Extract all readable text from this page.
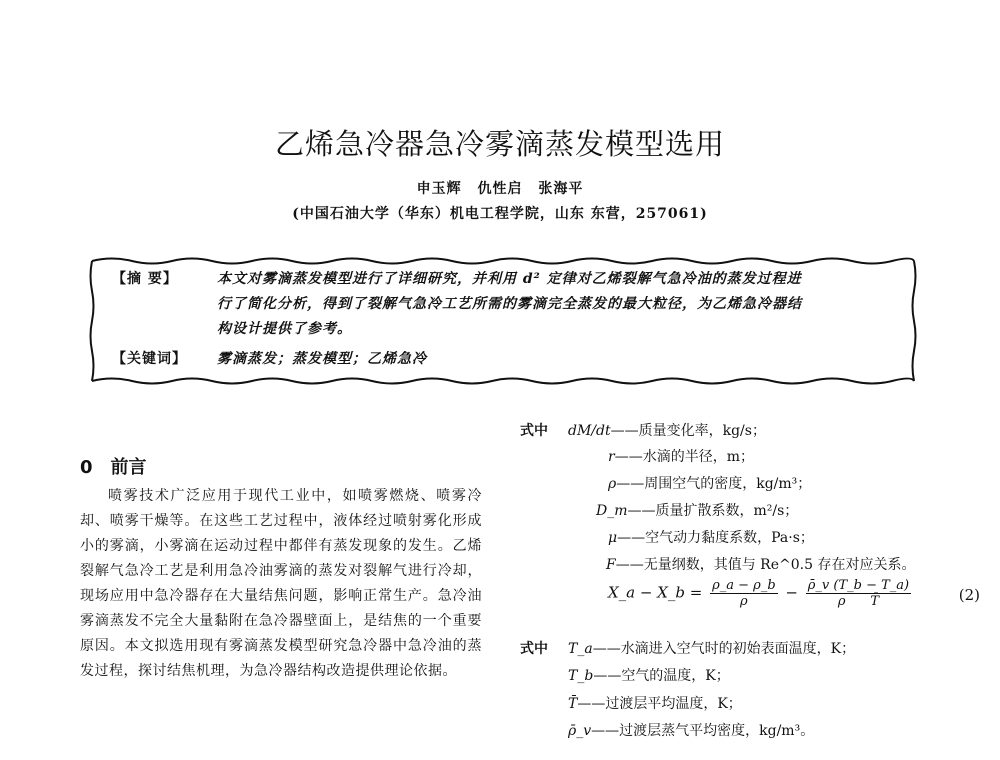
乙烯急冷器急冷雾滴蒸发模型选用
申玉辉 仇性启 张海平
(中国石油大学（华东）机电工程学院，山东 东营，257061)
【摘 要】	本文对雾滴蒸发模型进行了详细研究，并利用 d² 定律对乙烯裂解气急冷油的蒸发过程进
行了简化分析，得到了裂解气急冷工艺所需的雾滴完全蒸发的最大粒径，为乙烯急冷器结
构设计提供了参考。
【关键词】	雾滴蒸发；蒸发模型；乙烯急冷
0 前言

喷雾技术广泛应用于现代工业中，如喷雾燃烧、喷雾冷却、喷雾干燥等。在这些工艺过程中，液体经过喷射雾化形成小的雾滴，小雾滴在运动过程中都伴有蒸发现象的发生。乙烯裂解气急冷工艺是利用急冷油雾滴的蒸发对裂解气进行冷却，现场应用中急冷器存在大量结焦问题，影响正常生产。急冷油雾滴蒸发不完全大量黏附在急冷器壁面上，是结焦的一个重要原因。本文拟选用现有雾滴蒸发模型研究急冷器中急冷油的蒸发过程，探讨结焦机理，为急冷器结构改造提供理论依据。

式中 dM/dt——质量变化率，kg/s；
r——水滴的半径，m；
ρ——周围空气的密度，kg/m³；
D_m——质量扩散系数，m²/s；
μ——空气动力黏度系数，Pa·s；
F——无量纲数，其值与 Re^0.5 存在对应关系。
X_a − X_b = $\frac{\rho\_a - \rho\_b}{\rho} - \frac{\rhō\_v (T\_b - T\_a)}{\text{ρ T̄}}$	(2)
式中 T_a——水滴进入空气时的初始表面温度，K；
T_b——空气的温度，K；
T̄——过渡层平均温度，K；
ρ̄_v——过渡层蒸气平均密度，kg/m³。
